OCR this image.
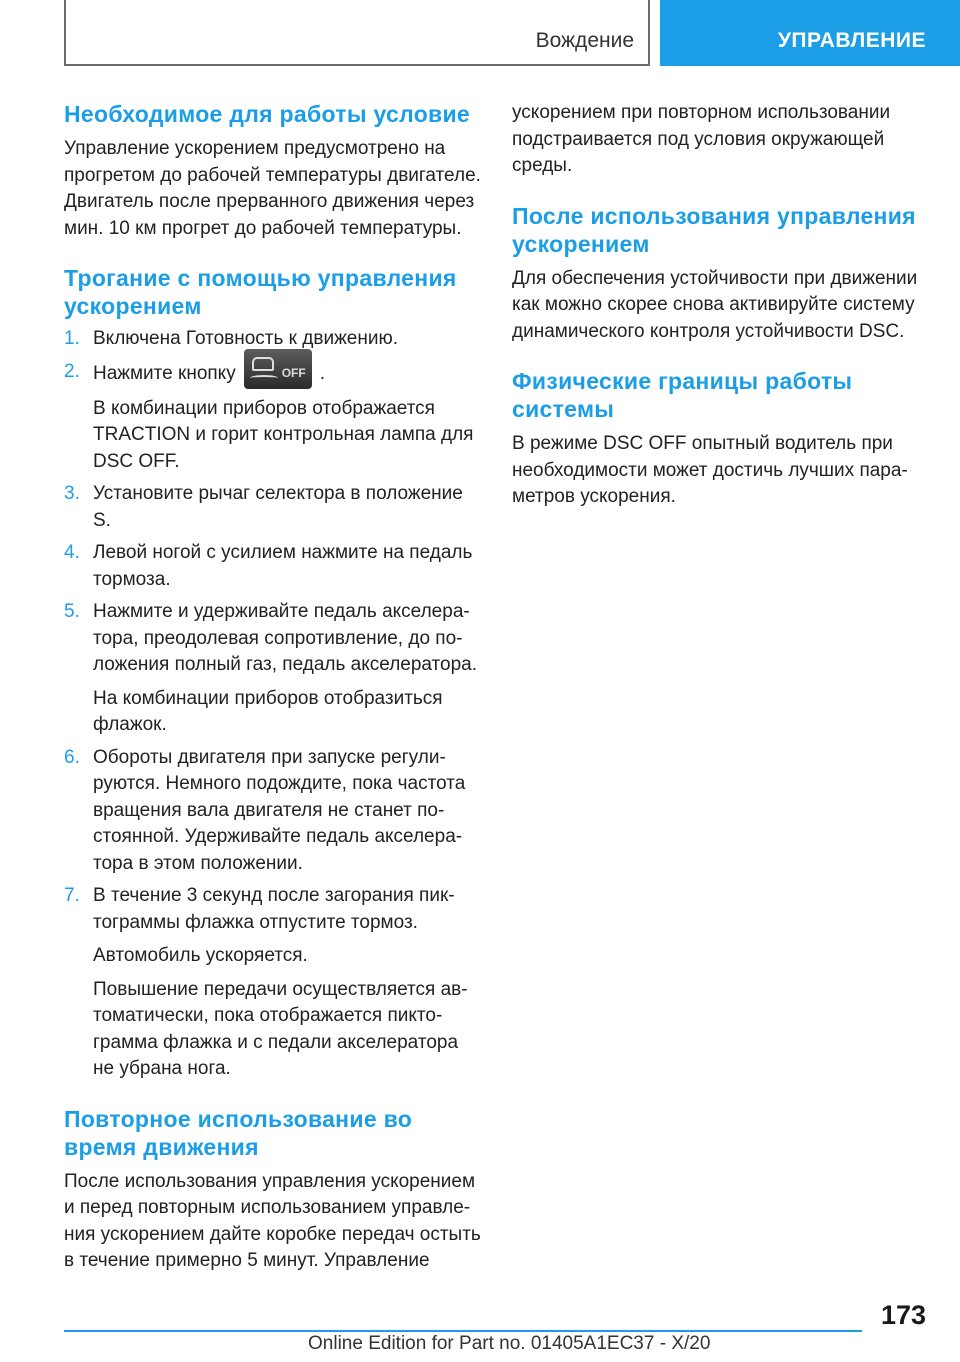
Вождение	УПРАВЛЕНИЕ
Необходимое для работы условие

Управление ускорением предусмотрено на прогретом до рабочей температуры двигателе. Двигатель после прерванного движения через мин. 10 км прогрет до рабочей температуры.

Трогание с помощью управления ускорением
1. Включена Готовность к движению.
2. Нажмите кнопку	OFF .
В комбинации приборов отображается TRACTION и горит контрольная лампа для DSC OFF.
3. Установите рычаг селектора в положение S.
4. Левой ногой с усилием нажмите на педаль тормоза.
5. Нажмите и удерживайте педаль акселератора, преодолевая сопротивление, до положения полный газ, педаль акселератора.
На комбинации приборов отобразиться флажок.
6. Обороты двигателя при запуске регулируются. Немного подождите, пока частота вращения вала двигателя не станет постоянной. Удерживайте педаль акселератора в этом положении.
7. В течение 3 секунд после загорания пиктограммы флажка отпустите тормоз.
Автомобиль ускоряется.
Повышение передачи осуществляется автоматически, пока отображается пиктограмма флажка и с педали акселератора не убрана нога.
Повторное использование во время движения

После использования управления ускорением и перед повторным использованием управления ускорением дайте коробке передач остыть в течение примерно 5 минут. Управление

ускорением при повторном использовании подстраивается под условия окружающей среды.

После использования управления ускорением

Для обеспечения устойчивости при движении как можно скорее снова активируйте систему динамического контроля устойчивости DSC.

Физические границы работы системы

В режиме DSC OFF опытный водитель при необходимости может достичь лучших параметров ускорения.

173
Online Edition for Part no. 01405A1EC37 - X/20
